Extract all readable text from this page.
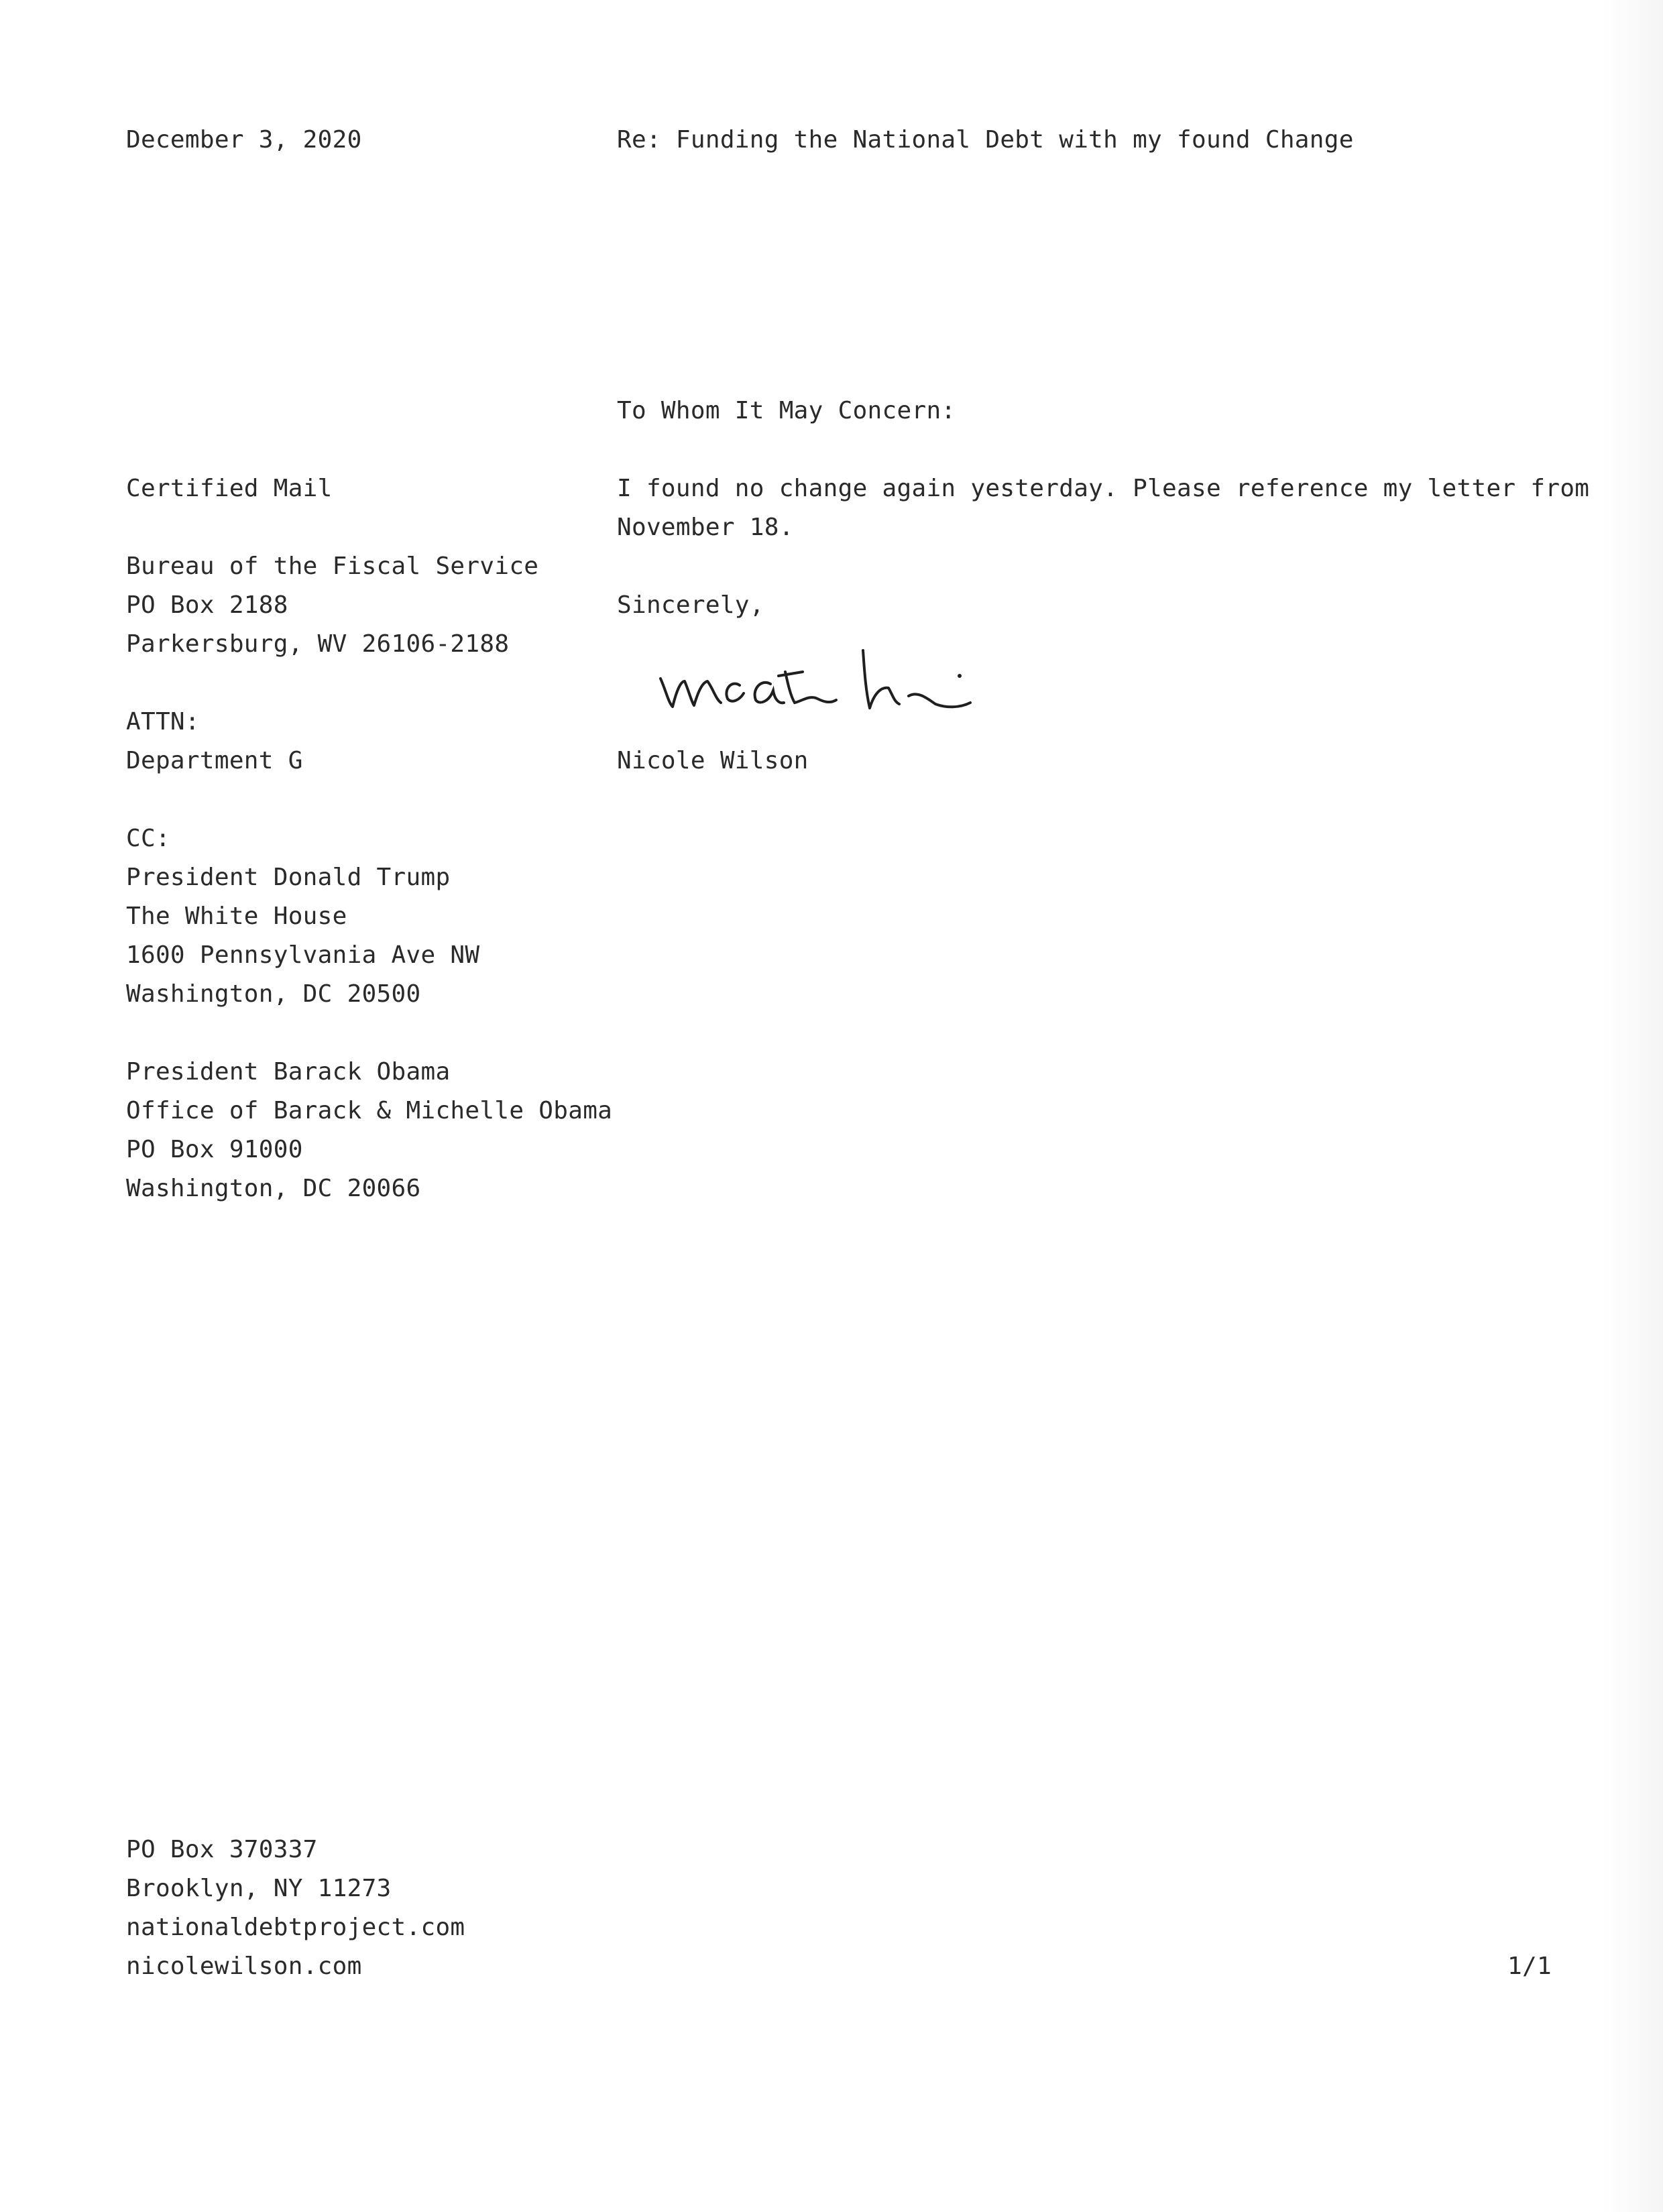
December 3, 2020	Re: Funding the National Debt with my found Change
To Whom It May Concern:
Certified Mail
Bureau of the Fiscal Service
PO Box 2188
Parkersburg, WV 26106-2188
ATTN:
Department G
CC:
President Donald Trump
The White House
1600 Pennsylvania Ave NW
Washington, DC 20500
President Barack Obama
Office of Barack & Michelle Obama
PO Box 91000
Washington, DC 20066
I found no change again yesterday. Please reference my letter from
November 18.
Sincerely,
Nicole Wilson
PO Box 370337
Brooklyn, NY 11273
nationaldebtproject.com
nicolewilson.com	1/1
